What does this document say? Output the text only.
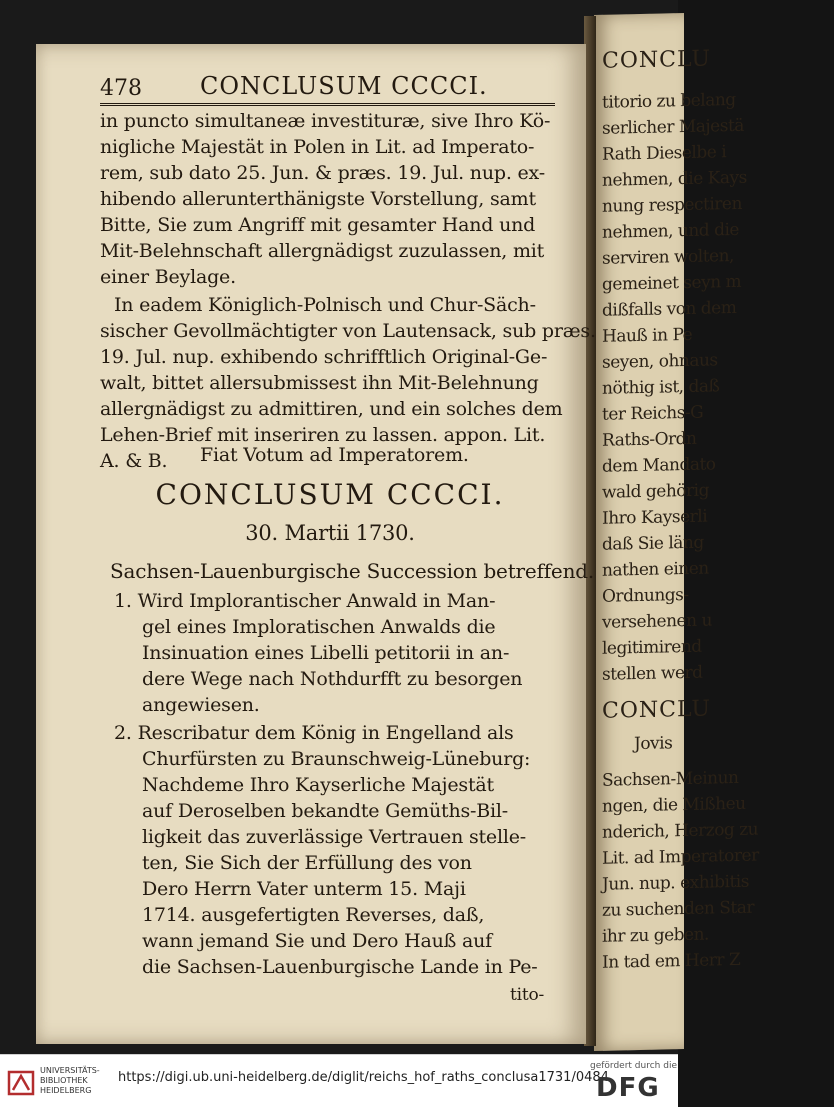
CONCLU
titorio zu belang
serlicher Majestä
Rath Dieselbe i
nehmen, die Kays
nung respectiren
nehmen, und die
serviren wolten,
gemeinet seyn m
dißfalls von dem
Hauß in Pe
seyen, ohnaus
nöthig ist, daß
ter Reichs-G
Raths-Ordn
dem Mandato
wald gehörig
Ihro Kayserli
daß Sie läng
nathen einen
Ordnungs-
versehenen u
legitimirend
stellen werd
CONCLU
Jovis
Sachsen-Meinun
ngen, die Mißheu
nderich, Herzog zu
Lit. ad Imperatorer
Jun. nup. exhibitis
zu suchenden Star
ihr zu geben.
In tad em Herr Z
478 CONCLUSUM CCCCI.
in puncto simultaneæ investituræ, sive Ihro Kö-
nigliche Majestät in Polen in Lit. ad Imperato-
rem, sub dato 25. Jun. & præs. 19. Jul. nup. ex-
hibendo allerunterthänigste Vorstellung, samt
Bitte, Sie zum Angriff mit gesamter Hand und
Mit-Belehnschaft allergnädigst zuzulassen, mit
einer Beylage.
In eadem Königlich-Polnisch und Chur-Säch-
sischer Gevollmächtigter von Lautensack, sub præs.
19. Jul. nup. exhibendo schrifftlich Original-Ge-
walt, bittet allersubmissest ihn Mit-Belehnung
allergnädigst zu admittiren, und ein solches dem
Lehen-Brief mit inseriren zu lassen. appon. Lit.
A. & B.
CONCLUSUM CCCCI.
30. Martii 1730.
Sachsen-Lauenburgische Succession betreffend.
1. Wird Implorantischer Anwald in Man-
gel eines Imploratischen Anwalds die
Insinuation eines Libelli petitorii in an-
dere Wege nach Nothdurfft zu besorgen
angewiesen.
2. Rescribatur dem König in Engelland als
Churfürsten zu Braunschweig-Lüneburg:
Nachdeme Ihro Kayserliche Majestät
auf Deroselben bekandte Gemüths-Bil-
ligkeit das zuverlässige Vertrauen stelle-
ten, Sie Sich der Erfüllung des von
Dero Herrn Vater unterm 15. Maji
1714. ausgefertigten Reverses, daß,
wann jemand Sie und Dero Hauß auf
die Sachsen-Lauenburgische Lande in Pe-
tito-
Fiat Votum ad Imperatorem.
UNIVERSITÄTS-
BIBLIOTHEK
HEIDELBERG
https://digi.ub.uni-heidelberg.de/diglit/reichs_hof_raths_conclusa1731/0484
gefördert durch die
DFG
